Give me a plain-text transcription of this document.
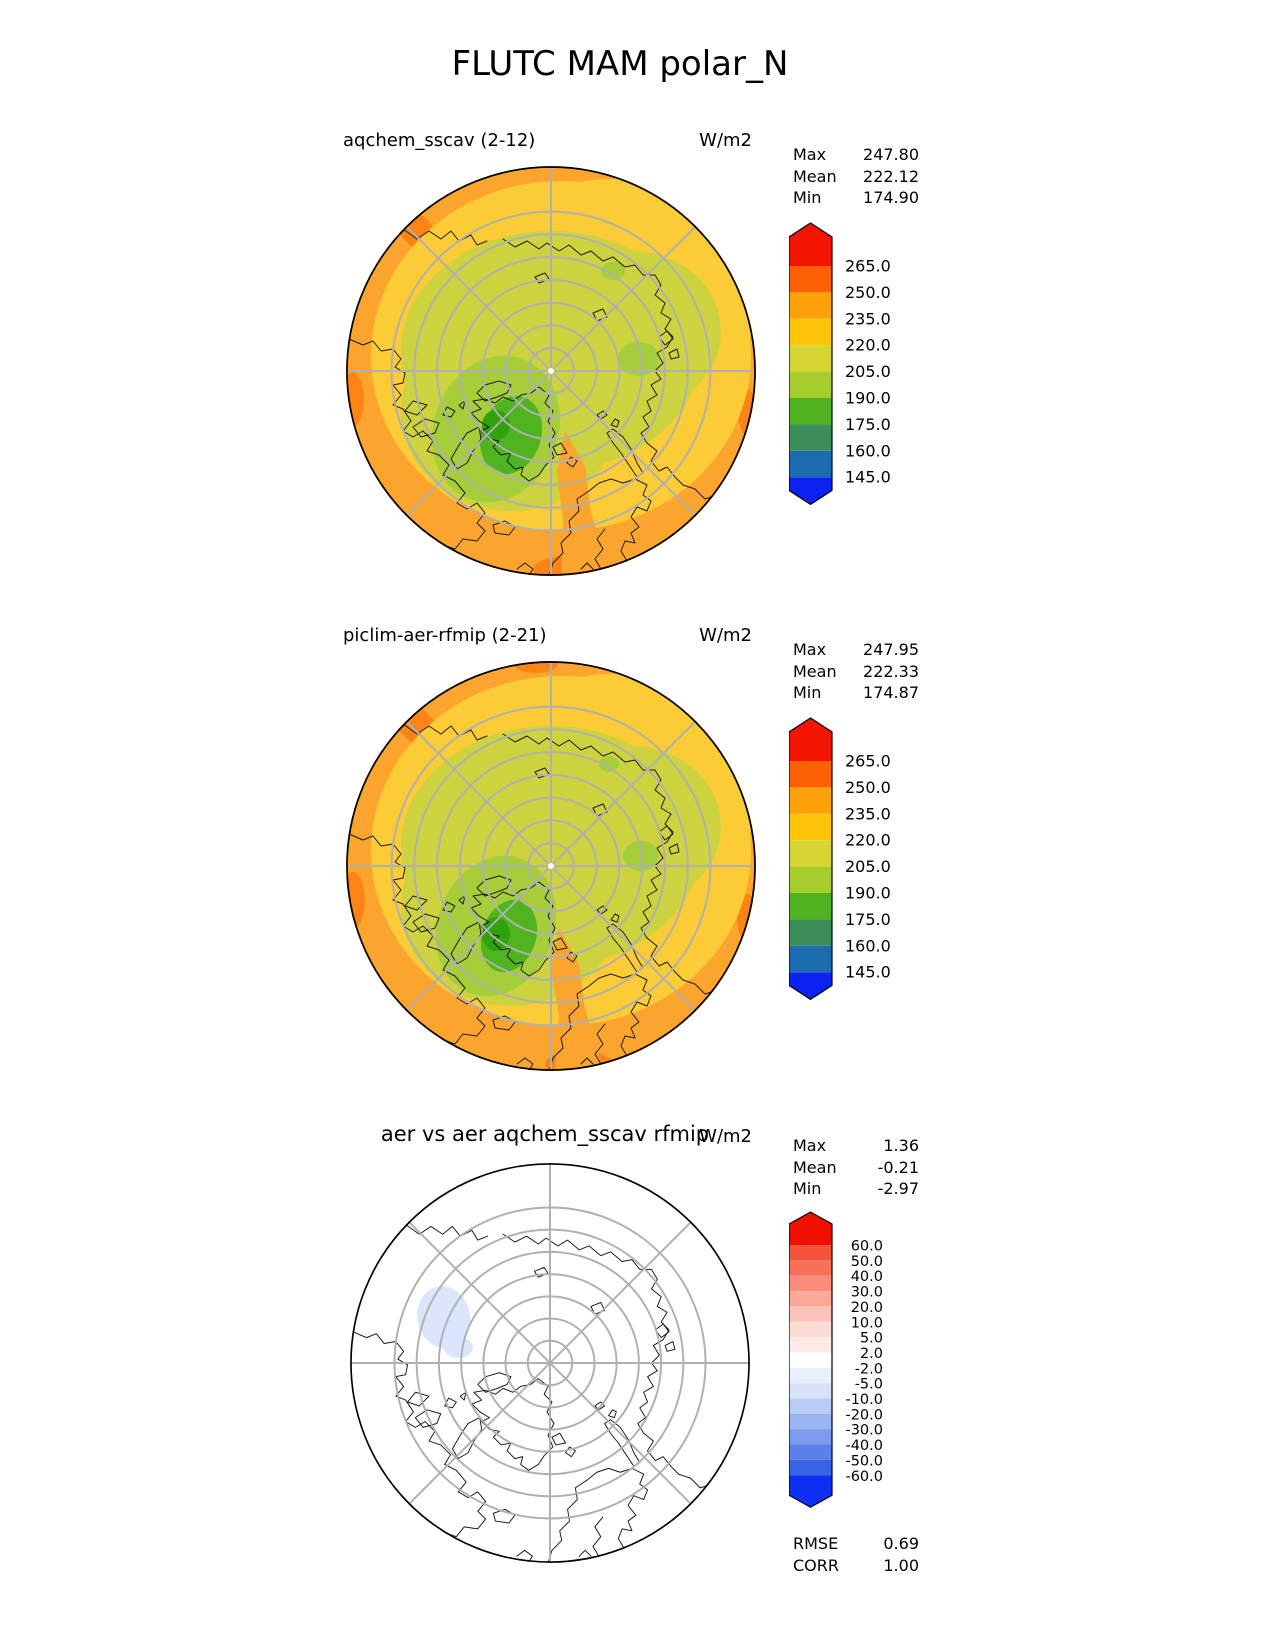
FLUTC MAM polar_N
aqchem_sscav (2-12)	W/m2
Max 247.80
Mean 222.12
Min	174.90
265.0
250.0
235.0
220.0
205.0
190.0
175.0
160.0
145.0
piclim-aer-rfmip (2-21)	W/m2
Max 247.95
Mean 222.33
Min	174.87
265.0
250.0
235.0
220.0
205.0
190.0
175.0
160.0
145.0
aer vs aer aqchem_sscav rfmip
W/m2	Max	1.36
Mean	-0.21
Min	-2.97
60.0
50.0
40.0
30.0
20.0
10.0
5.0
2.0
-2.0
-5.0
-10.0
-20.0
-30.0
-40.0
-50.0
-60.0
RMSE	0.69
CORR	1.00
